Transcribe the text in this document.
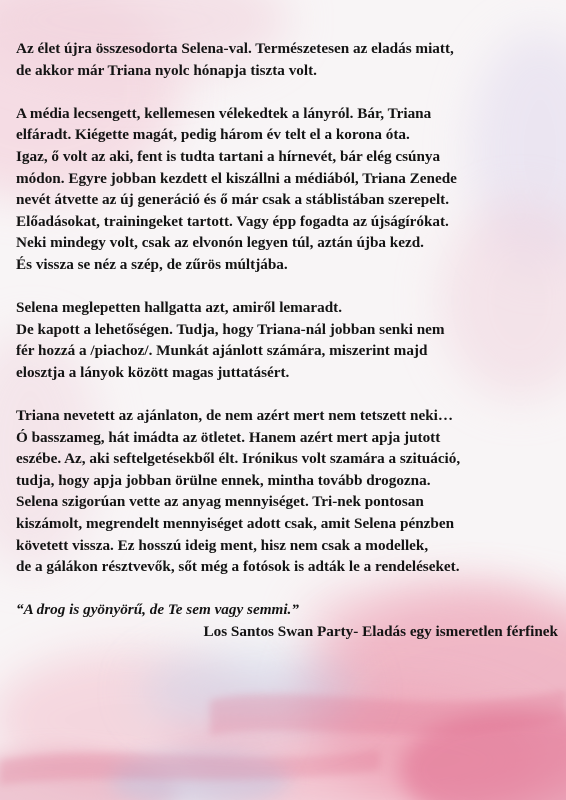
Az élet újra összesodorta Selena-val. Természetesen az eladás miatt,
de akkor már Triana nyolc hónapja tiszta volt.

A média lecsengett, kellemesen vélekedtek a lányról. Bár, Triana
elfáradt. Kiégette magát, pedig három év telt el a korona óta.
Igaz, ő volt az aki, fent is tudta tartani a hírnevét, bár elég csúnya
módon. Egyre jobban kezdett el kiszállni a médiából, Triana Zenede
nevét átvette az új generáció és ő már csak a stáblistában szerepelt.
Előadásokat, trainingeket tartott. Vagy épp fogadta az újságírókat.
Neki mindegy volt, csak az elvonón legyen túl, aztán újba kezd.
És vissza se néz a szép, de zűrös múltjába.

Selena meglepetten hallgatta azt, amiről lemaradt.
De kapott a lehetőségen. Tudja, hogy Triana-nál jobban senki nem
fér hozzá a /piachoz/. Munkát ajánlott számára, miszerint majd
elosztja a lányok között magas juttatásért.

Triana nevetett az ajánlaton, de nem azért mert nem tetszett neki…
Ó basszameg, hát imádta az ötletet. Hanem azért mert apja jutott
eszébe. Az, aki seftelgetésekből élt. Irónikus volt szamára a szituáció,
tudja, hogy apja jobban örülne ennek, mintha tovább drogozna.
Selena szigorúan vette az anyag mennyiséget. Tri-nek pontosan
kiszámolt, megrendelt mennyiséget adott csak, amit Selena pénzben
követett vissza. Ez hosszú ideig ment, hisz nem csak a modellek,
de a gálákon résztvevők, sőt még a fotósok is adták le a rendeléseket.

“A drog is gyönyörű, de Te sem vagy semmi.”
Los Santos Swan Party- Eladás egy ismeretlen férfinek
